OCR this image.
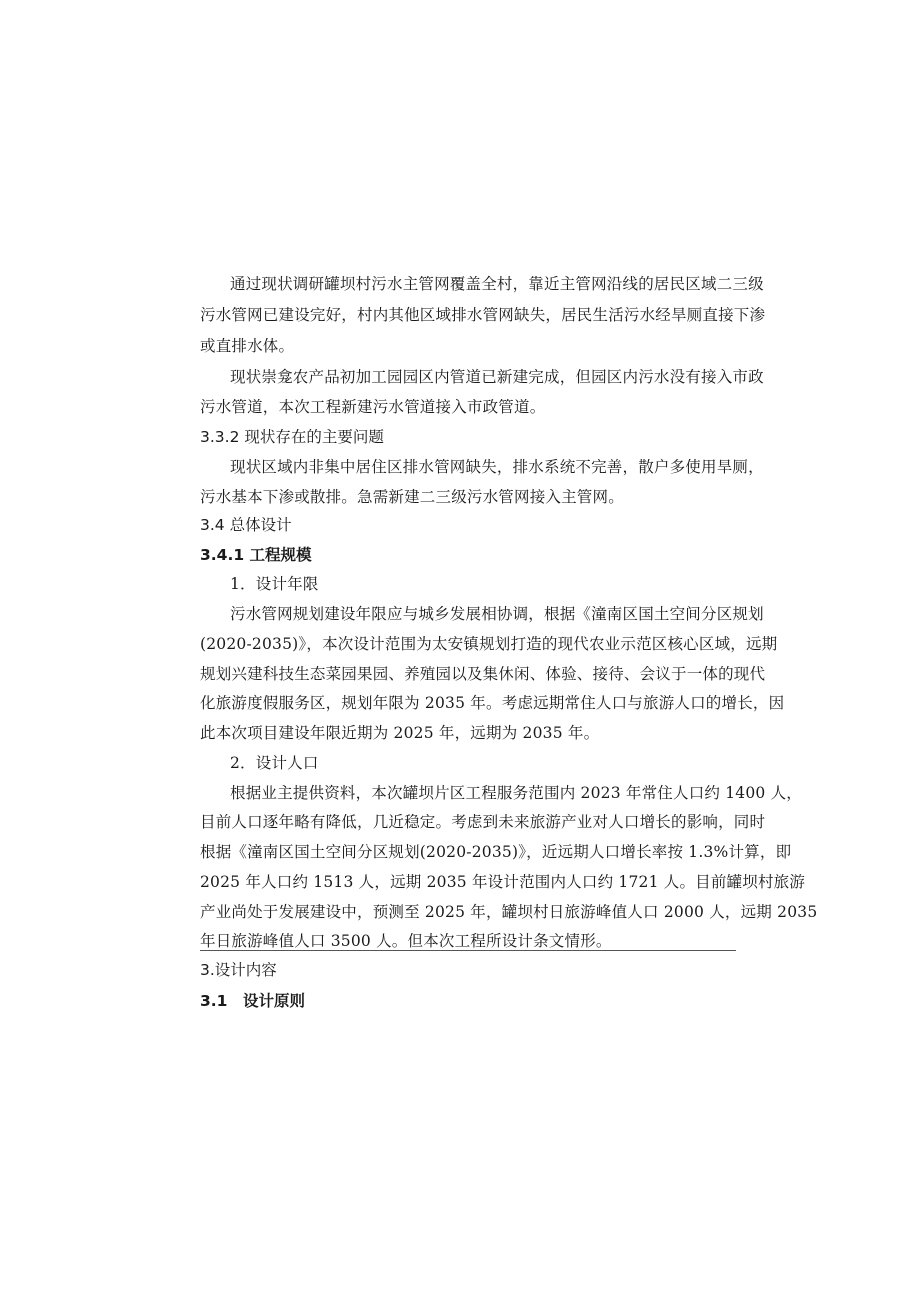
通过现状调研罐坝村污水主管网覆盖全村，靠近主管网沿线的居民区域二三级
污水管网已建设完好，村内其他区域排水管网缺失，居民生活污水经旱厕直接下渗
或直排水体。
现状崇龛农产品初加工园园区内管道已新建完成，但园区内污水没有接入市政
污水管道，本次工程新建污水管道接入市政管道。
3.3.2 现状存在的主要问题
现状区域内非集中居住区排水管网缺失，排水系统不完善，散户多使用旱厕，
污水基本下渗或散排。急需新建二三级污水管网接入主管网。
3.4 总体设计
3.4.1 工程规模
1．设计年限
污水管网规划建设年限应与城乡发展相协调，根据《潼南区国土空间分区规划
(2020-2035)》，本次设计范围为太安镇规划打造的现代农业示范区核心区域，远期
规划兴建科技生态菜园果园、养殖园以及集休闲、体验、接待、会议于一体的现代
化旅游度假服务区，规划年限为 2035 年。考虑远期常住人口与旅游人口的增长，因
此本次项目建设年限近期为 2025 年，远期为 2035 年。
2．设计人口
根据业主提供资料，本次罐坝片区工程服务范围内 2023 年常住人口约 1400 人，
目前人口逐年略有降低，几近稳定。考虑到未来旅游产业对人口增长的影响，同时
根据《潼南区国土空间分区规划(2020-2035)》，近远期人口增长率按 1.3%计算，即
2025 年人口约 1513 人，远期 2035 年设计范围内人口约 1721 人。目前罐坝村旅游
产业尚处于发展建设中，预测至 2025 年，罐坝村日旅游峰值人口 2000 人，远期 2035
年日旅游峰值人口 3500 人。但本次工程所设计条文情形。
3.设计内容
3.1　设计原则
